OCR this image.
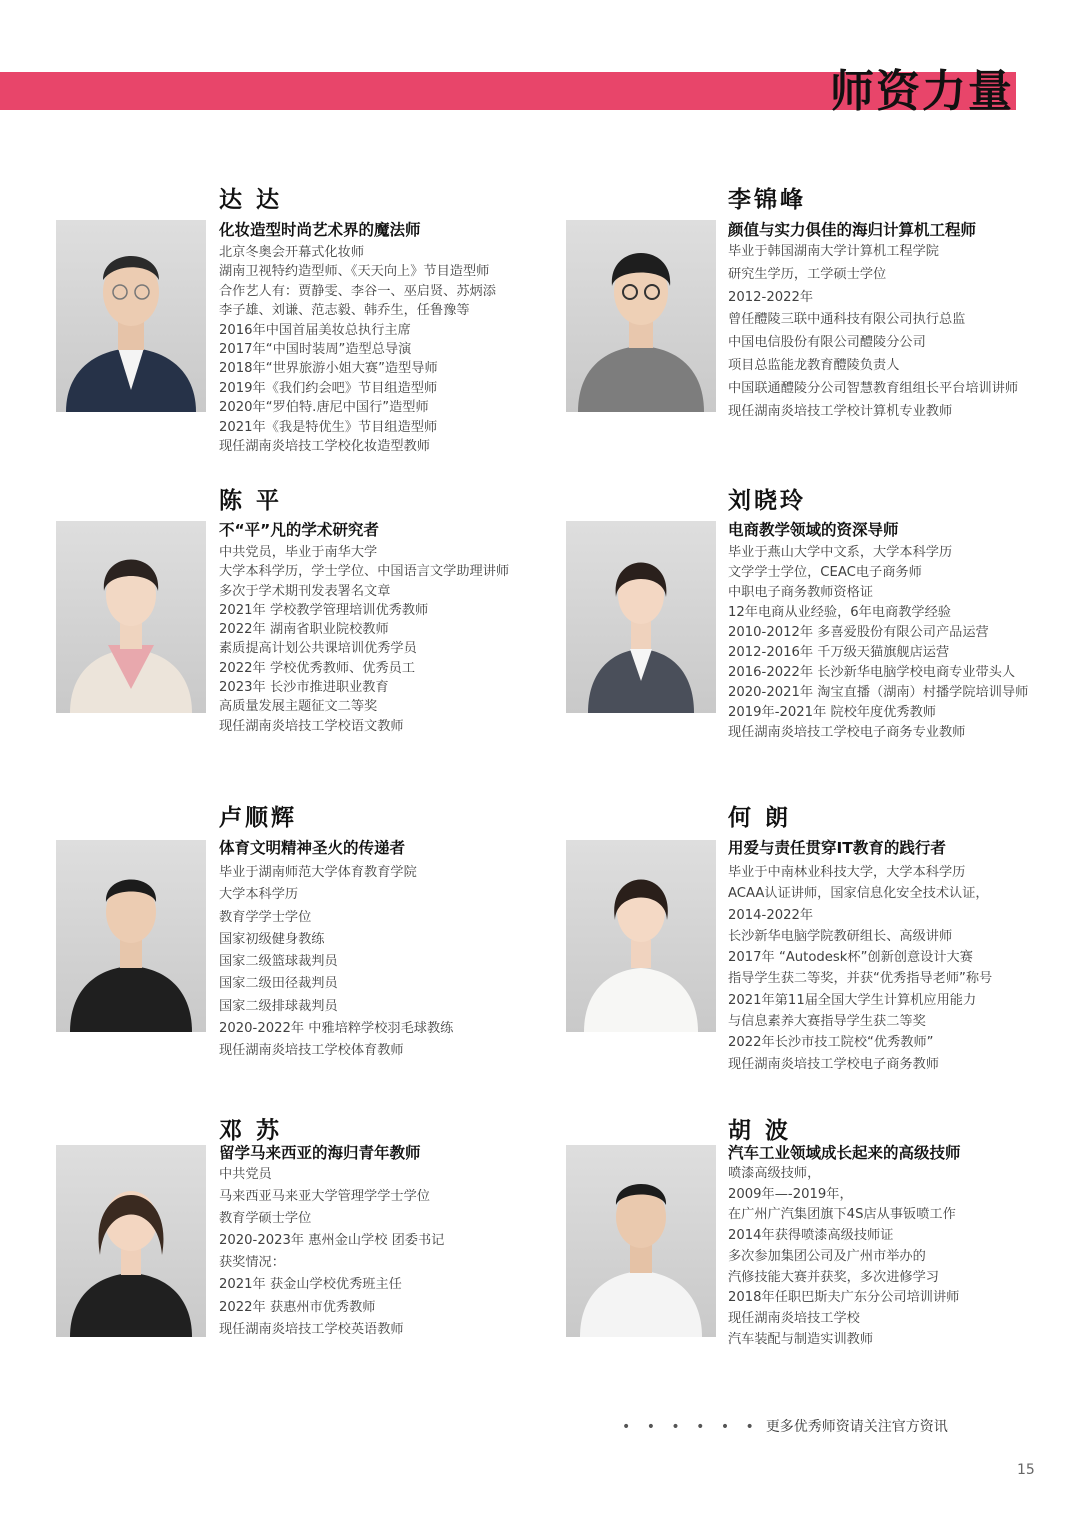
师资力量
达 达
化妆造型时尚艺术界的魔法师
北京冬奥会开幕式化妆师
湖南卫视特约造型师、《天天向上》节目造型师
合作艺人有：贾静雯、李谷一、巫启贤、苏炳添
李子雄、刘谦、范志毅、韩乔生，任鲁豫等
2016年中国首届美妆总执行主席
2017年“中国时装周”造型总导演
2018年“世界旅游小姐大赛”造型导师
2019年《我们约会吧》节目组造型师
2020年“罗伯特.唐尼中国行”造型师
2021年《我是特优生》节目组造型师
现任湖南炎培技工学校化妆造型教师
李锦峰
颜值与实力俱佳的海归计算机工程师
毕业于韩国湖南大学计算机工程学院
研究生学历，工学硕士学位
2012-2022年
曾任醴陵三联中通科技有限公司执行总监
中国电信股份有限公司醴陵分公司
项目总监能龙教育醴陵负责人
中国联通醴陵分公司智慧教育组组长平台培训讲师
现任湖南炎培技工学校计算机专业教师
陈 平
不“平”凡的学术研究者
中共党员，毕业于南华大学
大学本科学历，学士学位、中国语言文学助理讲师
多次于学术期刊发表署名文章
2021年 学校教学管理培训优秀教师
2022年 湖南省职业院校教师
素质提高计划公共课培训优秀学员
2022年 学校优秀教师、优秀员工
2023年 长沙市推进职业教育
高质量发展主题征文二等奖
现任湖南炎培技工学校语文教师
刘晓玲
电商教学领域的资深导师
毕业于燕山大学中文系，大学本科学历
文学学士学位，CEAC电子商务师
中职电子商务教师资格证
12年电商从业经验，6年电商教学经验
2010-2012年 多喜爱股份有限公司产品运营
2012-2016年 千万级天猫旗舰店运营
2016-2022年 长沙新华电脑学校电商专业带头人
2020-2021年 淘宝直播（湖南）村播学院培训导师
2019年-2021年 院校年度优秀教师
现任湖南炎培技工学校电子商务专业教师
卢顺辉
体育文明精神圣火的传递者
毕业于湖南师范大学体育教育学院
大学本科学历
教育学学士学位
国家初级健身教练
国家二级篮球裁判员
国家二级田径裁判员
国家二级排球裁判员
2020-2022年 中雅培粹学校羽毛球教练
现任湖南炎培技工学校体育教师
何 朗
用爱与责任贯穿IT教育的践行者
毕业于中南林业科技大学，大学本科学历
ACAA认证讲师，国家信息化安全技术认证，
2014-2022年
长沙新华电脑学院教研组长、高级讲师
2017年 “Autodesk杯”创新创意设计大赛
指导学生获二等奖，并获“优秀指导老师”称号
2021年第11届全国大学生计算机应用能力
与信息素养大赛指导学生获二等奖
2022年长沙市技工院校“优秀教师”
现任湖南炎培技工学校电子商务教师
邓 苏
留学马来西亚的海归青年教师
中共党员
马来西亚马来亚大学管理学学士学位
教育学硕士学位
2020-2023年 惠州金山学校 团委书记
获奖情况：
2021年 获金山学校优秀班主任
2022年 获惠州市优秀教师
现任湖南炎培技工学校英语教师
胡 波
汽车工业领域成长起来的高级技师
喷漆高级技师，
2009年—-2019年，
在广州广汽集团旗下4S店从事钣喷工作
2014年获得喷漆高级技师证
多次参加集团公司及广州市举办的
汽修技能大赛并获奖，多次进修学习
2018年任职巴斯夫广东分公司培训讲师
现任湖南炎培技工学校
汽车装配与制造实训教师
• • • • • • 更多优秀师资请关注官方资讯
15
